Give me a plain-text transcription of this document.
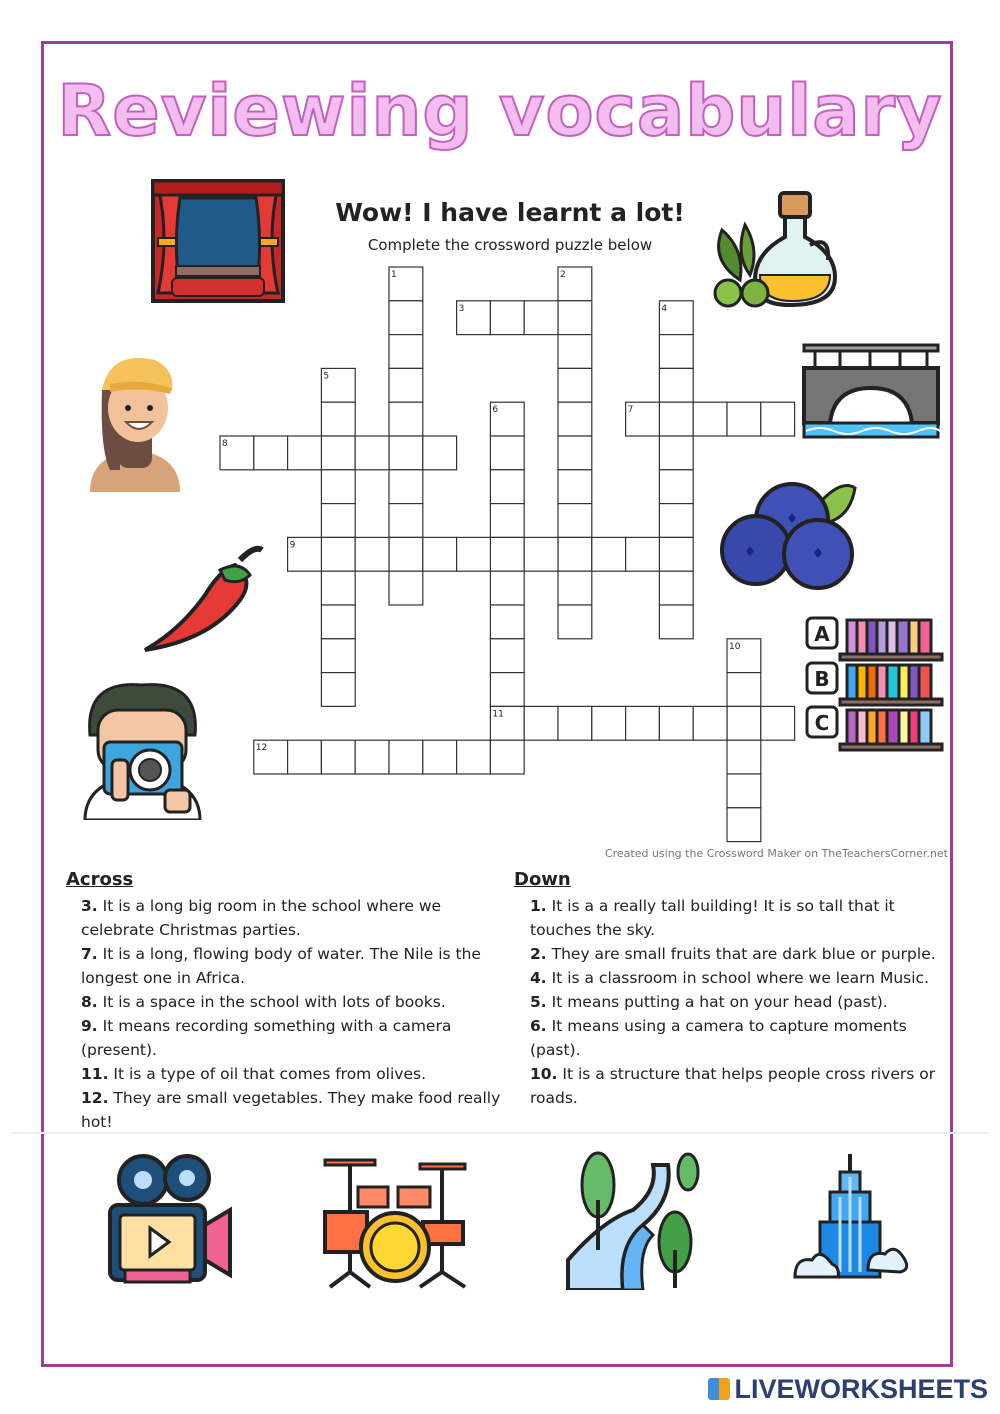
Reviewing vocabulary
Wow! I have learnt a lot!
Complete the crossword puzzle below
1	2
3	4
5
6	7
8
9
10
11
12
Created using the Crossword Maker on TheTeachersCorner.net
A
B
C
Across

3. It is a long big room in the school where we celebrate Christmas parties.

7. It is a long, flowing body of water. The Nile is the longest one in Africa.

8. It is a space in the school with lots of books.

9. It means recording something with a camera (present).

11. It is a type of oil that comes from olives.

12. They are small vegetables. They make food really hot!

Down

1. It is a a really tall building! It is so tall that it touches the sky.

2. They are small fruits that are dark blue or purple.

4. It is a classroom in school where we learn Music.

5. It means putting a hat on your head (past).

6. It means using a camera to capture moments (past).

10. It is a structure that helps people cross rivers or roads.

LIVEWORKSHEETS
